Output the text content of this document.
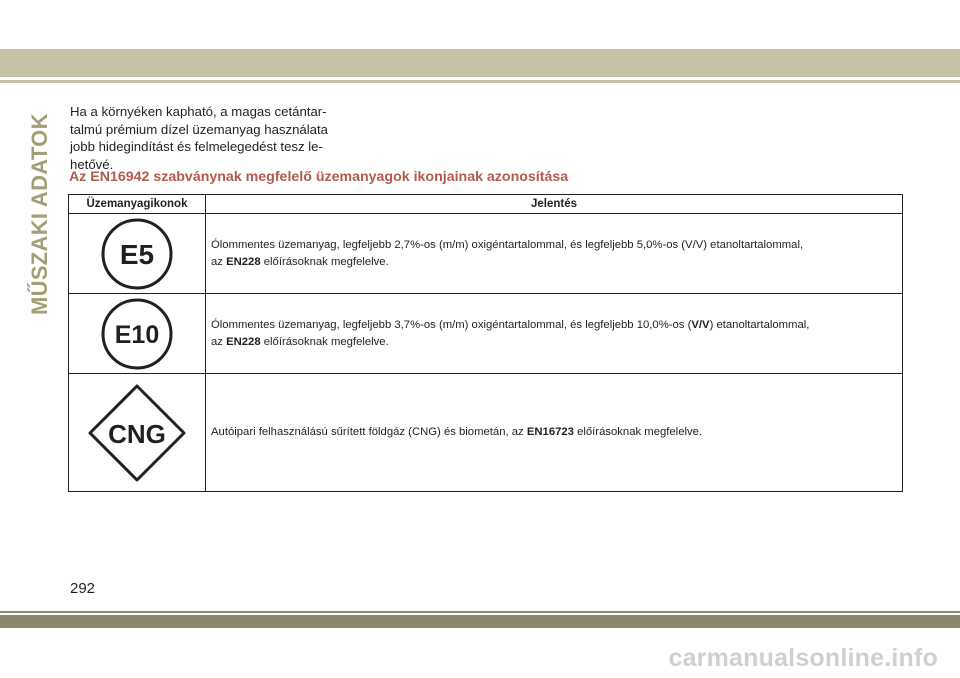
MŰSZAKI ADATOK

Ha a környéken kapható, a magas cetántar-
talmú prémium dízel üzemanyag használata
jobb hidegindítást és felmelegedést tesz le-
hetővé.

Az EN16942 szabványnak megfelelő üzemanyagok ikonjainak azonosítása
Üzemanyagikonok	Jelentés

E5	Ólommentes üzemanyag, legfeljebb 2,7%-os (m/m) oxigéntartalommal, és legfeljebb 5,0%-os (V/V) etanoltartalommal,
az EN228 előírásoknak megfelelve.

E10	Ólommentes üzemanyag, legfeljebb 3,7%-os (m/m) oxigéntartalommal, és legfeljebb 10,0%-os (V/V) etanoltartalommal,
az EN228 előírásoknak megfelelve.

CNG	Autóipari felhasználású sűrített földgáz (CNG) és biometán, az EN16723 előírásoknak megfelelve.
292
carmanualsonline.info
